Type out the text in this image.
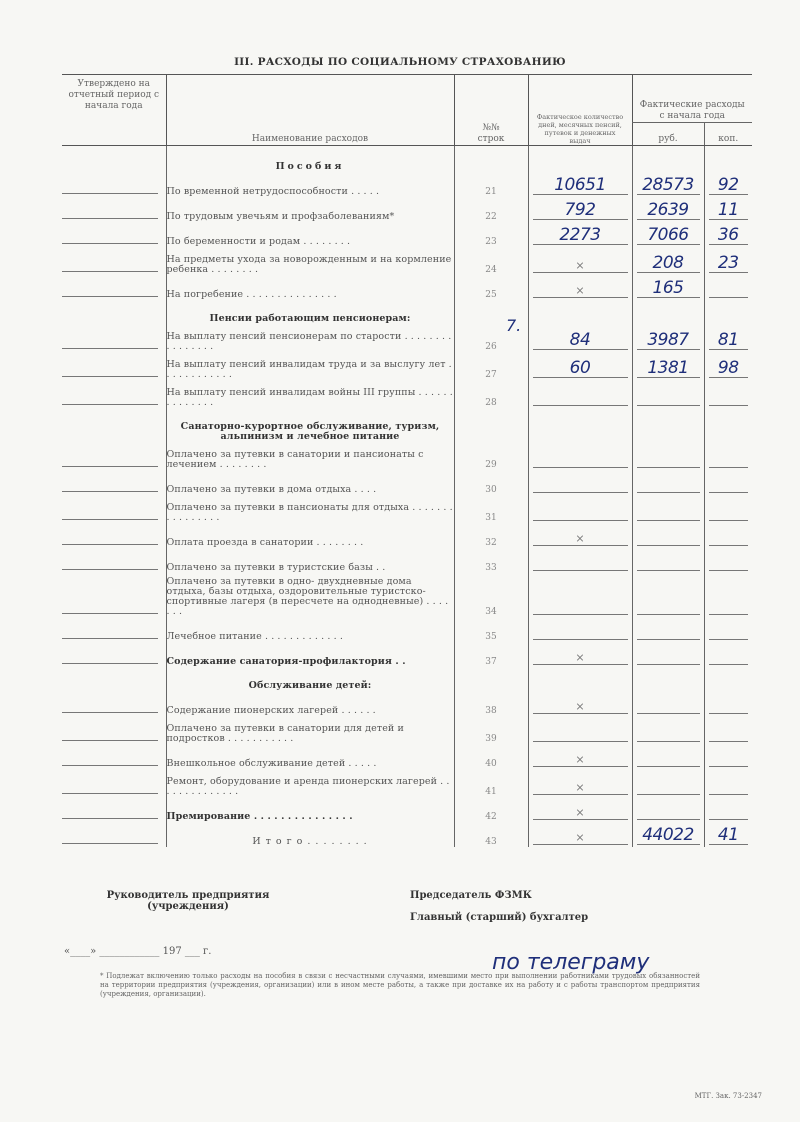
III. РАСХОДЫ ПО СОЦИАЛЬНОМУ СТРАХОВАНИЮ
Утверждено на отчетный период с начала года	Наименование расходов	№№ строк	Фактическое количество дней, месячных пенсий, путевок и денежных выдач	Фактические расходы с начала года	
				руб.	коп.
	Пособия				

	По временной нетрудоспособности . . . . .	21	10651	28573	92

	По трудовым увечьям и профзаболеваниям*	22	792	2639	11

	По беременности и родам . . . . . . . .	23	2273	7066	36

	На предметы ухода за новорожденным и на кормление ребенка . . . . . . . .	24	×	208	23

	На погребение . . . . . . . . . . . . . . .	25	×	165	

	Пенсии работающим пенсионерам:				

	На выплату пенсий пенсионерам по старости . . . . . . . . . . . . . . . .	26	84	3987	81

	На выплату пенсий инвалидам труда и за выслугу лет . . . . . . . . . . . .	27	60	1381	98

	На выплату пенсий инвалидам войны III группы . . . . . . . . . . . . . .	28	

	Санаторно-курортное обслуживание, туризм, альпинизм и лечебное питание				

	Оплачено за путевки в санатории и пансионаты с лечением . . . . . . . .	29	

	Оплачено за путевки в дома отдыха . . . .	30	

	Оплачено за путевки в пансионаты для отдыха . . . . . . . . . . . . . . . .	31	

	Оплата проезда в санатории . . . . . . . .	32	×		

	Оплачено за путевки в туристские базы . .	33	

	Оплачено за путевки в одно- двухдневные дома отдыха, базы отдыха, оздоровительные туристско-спортивные лагеря (в пересчете на однодневные) . . . . . . .	34	

	Лечебное питание . . . . . . . . . . . . .	35	

	Содержание санатория-профилактория . .	37	×		

	Обслуживание детей:				

	Содержание пионерских лагерей . . . . . .	38	×		

	Оплачено за путевки в санатории для детей и подростков . . . . . . . . . . .	39	

	Внешкольное обслуживание детей . . . . .	40	×		

	Ремонт, оборудование и аренда пионерских лагерей . . . . . . . . . . . . . .	41	×		

	Премирование . . . . . . . . . . . . . . .	42	×		

	И т о г о . . . . . . . .	43	×	44022	41
7.
Руководитель предприятия (учреждения)
Председатель ФЗМК
Главный (старший) бухгалтер
«____» ____________ 197 ___ г.	по телеграму
* Подлежат включению только расходы на пособия в связи с несчастными случаями, имевшими место при выполнении работниками трудовых обязанностей на территории предприятия (учреждения, организации) или в ином месте работы, а также при доставке их на работу и с работы транспортом предприятия (учреждения, организации).
МТГ. Зак. 73-2347
